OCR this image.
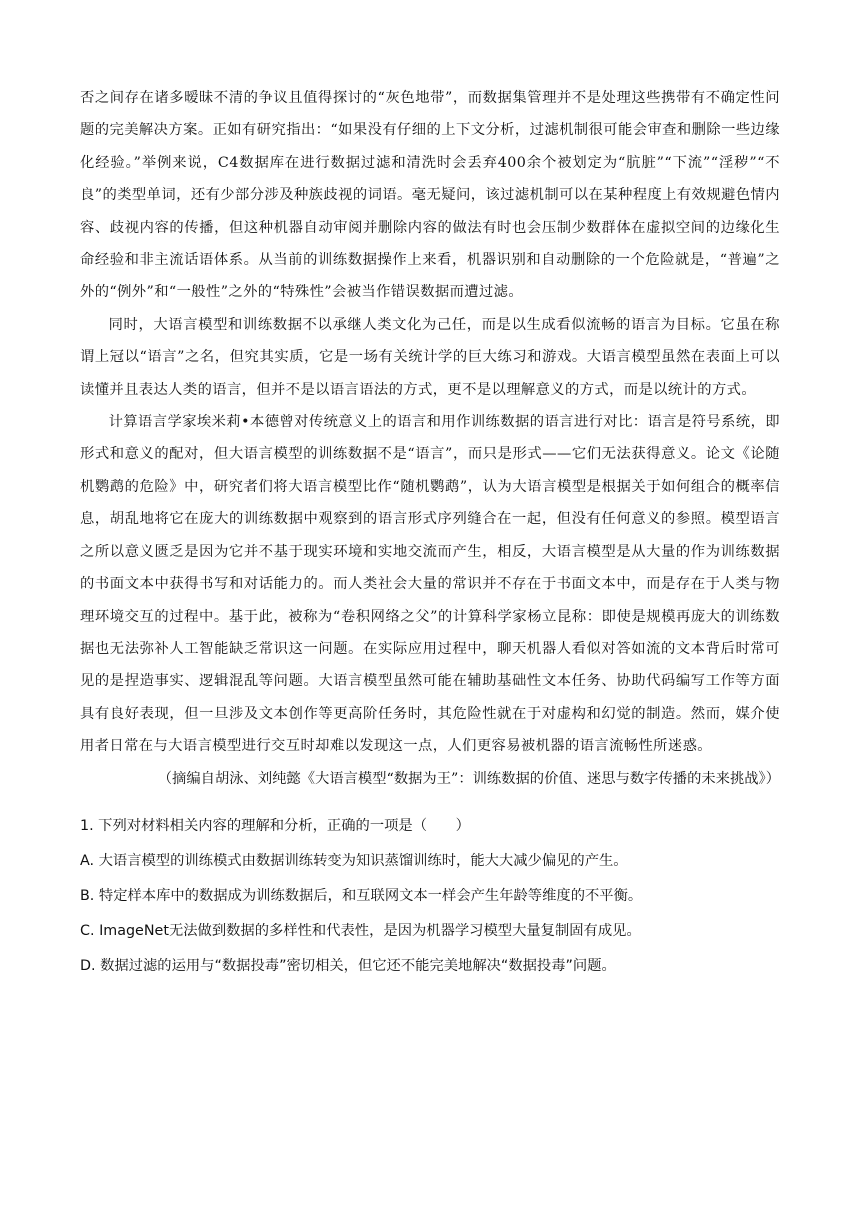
否之间存在诸多暧昧不清的争议且值得探讨的“灰色地带”，而数据集管理并不是处理这些携带有不确定性问题的完美解决方案。正如有研究指出：“如果没有仔细的上下文分析，过滤机制很可能会审查和删除一些边缘化经验。”举例来说，C4数据库在进行数据过滤和清洗时会丢弃400余个被划定为“肮脏”“下流”“淫秽”“不良”的类型单词，还有少部分涉及种族歧视的词语。毫无疑问，该过滤机制可以在某种程度上有效规避色情内容、歧视内容的传播，但这种机器自动审阅并删除内容的做法有时也会压制少数群体在虚拟空间的边缘化生命经验和非主流话语体系。从当前的训练数据操作上来看，机器识别和自动删除的一个危险就是，“普遍”之外的“例外”和“一般性”之外的“特殊性”会被当作错误数据而遭过滤。

同时，大语言模型和训练数据不以承继人类文化为己任，而是以生成看似流畅的语言为目标。它虽在称谓上冠以“语言”之名，但究其实质，它是一场有关统计学的巨大练习和游戏。大语言模型虽然在表面上可以读懂并且表达人类的语言，但并不是以语言语法的方式，更不是以理解意义的方式，而是以统计的方式。

计算语言学家埃米莉•本德曾对传统意义上的语言和用作训练数据的语言进行对比：语言是符号系统，即形式和意义的配对，但大语言模型的训练数据不是“语言”，而只是形式——它们无法获得意义。论文《论随机鹦鹉的危险》中，研究者们将大语言模型比作“随机鹦鹉”，认为大语言模型是根据关于如何组合的概率信息，胡乱地将它在庞大的训练数据中观察到的语言形式序列缝合在一起，但没有任何意义的参照。模型语言之所以意义匮乏是因为它并不基于现实环境和实地交流而产生，相反，大语言模型是从大量的作为训练数据的书面文本中获得书写和对话能力的。而人类社会大量的常识并不存在于书面文本中，而是存在于人类与物理环境交互的过程中。基于此，被称为“卷积网络之父”的计算科学家杨立昆称：即使是规模再庞大的训练数据也无法弥补人工智能缺乏常识这一问题。在实际应用过程中，聊天机器人看似对答如流的文本背后时常可见的是捏造事实、逻辑混乱等问题。大语言模型虽然可能在辅助基础性文本任务、协助代码编写工作等方面具有良好表现，但一旦涉及文本创作等更高阶任务时，其危险性就在于对虚构和幻觉的制造。然而，媒介使用者日常在与大语言模型进行交互时却难以发现这一点，人们更容易被机器的语言流畅性所迷惑。

（摘编自胡泳、刘纯懿《大语言模型“数据为王”：训练数据的价值、迷思与数字传播的未来挑战》）

1. 下列对材料相关内容的理解和分析，正确的一项是（　　）

A. 大语言模型的训练模式由数据训练转变为知识蒸馏训练时，能大大减少偏见的产生。

B. 特定样本库中的数据成为训练数据后，和互联网文本一样会产生年龄等维度的不平衡。

C. ImageNet无法做到数据的多样性和代表性，是因为机器学习模型大量复制固有成见。

D. 数据过滤的运用与“数据投毒”密切相关，但它还不能完美地解决“数据投毒”问题。
